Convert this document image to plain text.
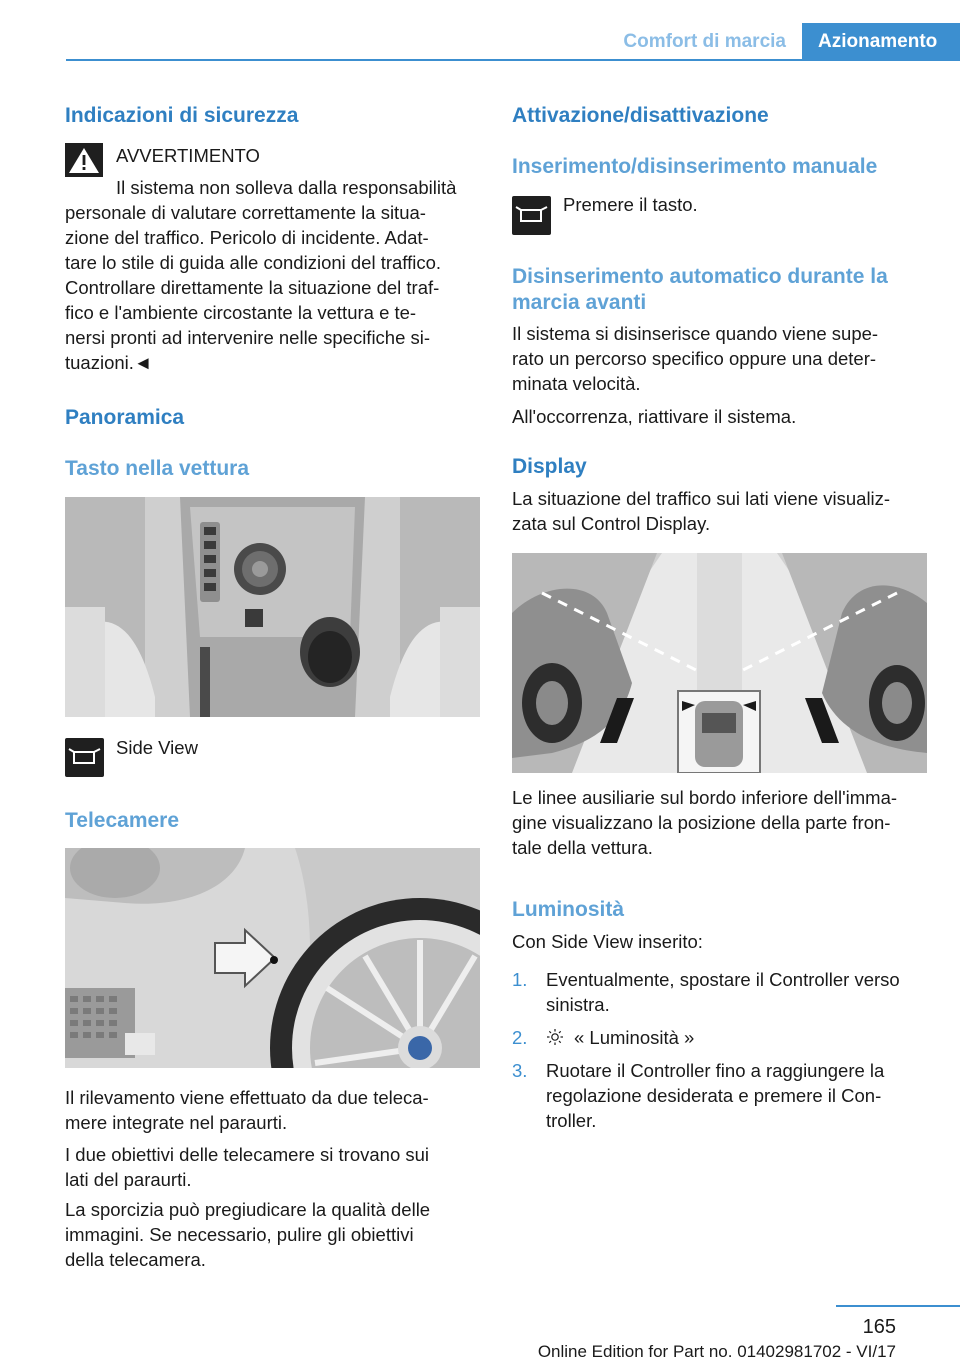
Comfort di marcia	Azionamento
Indicazioni di sicurezza
AVVERTIMENTO
Il sistema non solleva dalla responsabilità
personale di valutare correttamente la situa-
zione del traffico. Pericolo di incidente. Adat-
tare lo stile di guida alle condizioni del traffico.
Controllare direttamente la situazione del traf-
fico e l'ambiente circostante la vettura e te-
nersi pronti ad intervenire nelle specifiche si-
tuazioni.◄
Panoramica
Tasto nella vettura
Side View
Telecamere
Il rilevamento viene effettuato da due teleca-
mere integrate nel paraurti.
I due obiettivi delle telecamere si trovano sui
lati del paraurti.
La sporcizia può pregiudicare la qualità delle
immagini. Se necessario, pulire gli obiettivi
della telecamera.
Attivazione/disattivazione
Inserimento/disinserimento manuale
Premere il tasto.
Disinserimento automatico durante la
marcia avanti
Il sistema si disinserisce quando viene supe-
rato un percorso specifico oppure una deter-
minata velocità.
All'occorrenza, riattivare il sistema.
Display
La situazione del traffico sui lati viene visualiz-
zata sul Control Display.
Le linee ausiliarie sul bordo inferiore dell'imma-
gine visualizzano la posizione della parte fron-
tale della vettura.
Luminosità
Con Side View inserito:
1. Eventualmente, spostare il Controller verso
sinistra.
2.	« Luminosità »
3. Ruotare il Controller fino a raggiungere la
regolazione desiderata e premere il Con-
troller.
165
Online Edition for Part no. 01402981702 - VI/17
